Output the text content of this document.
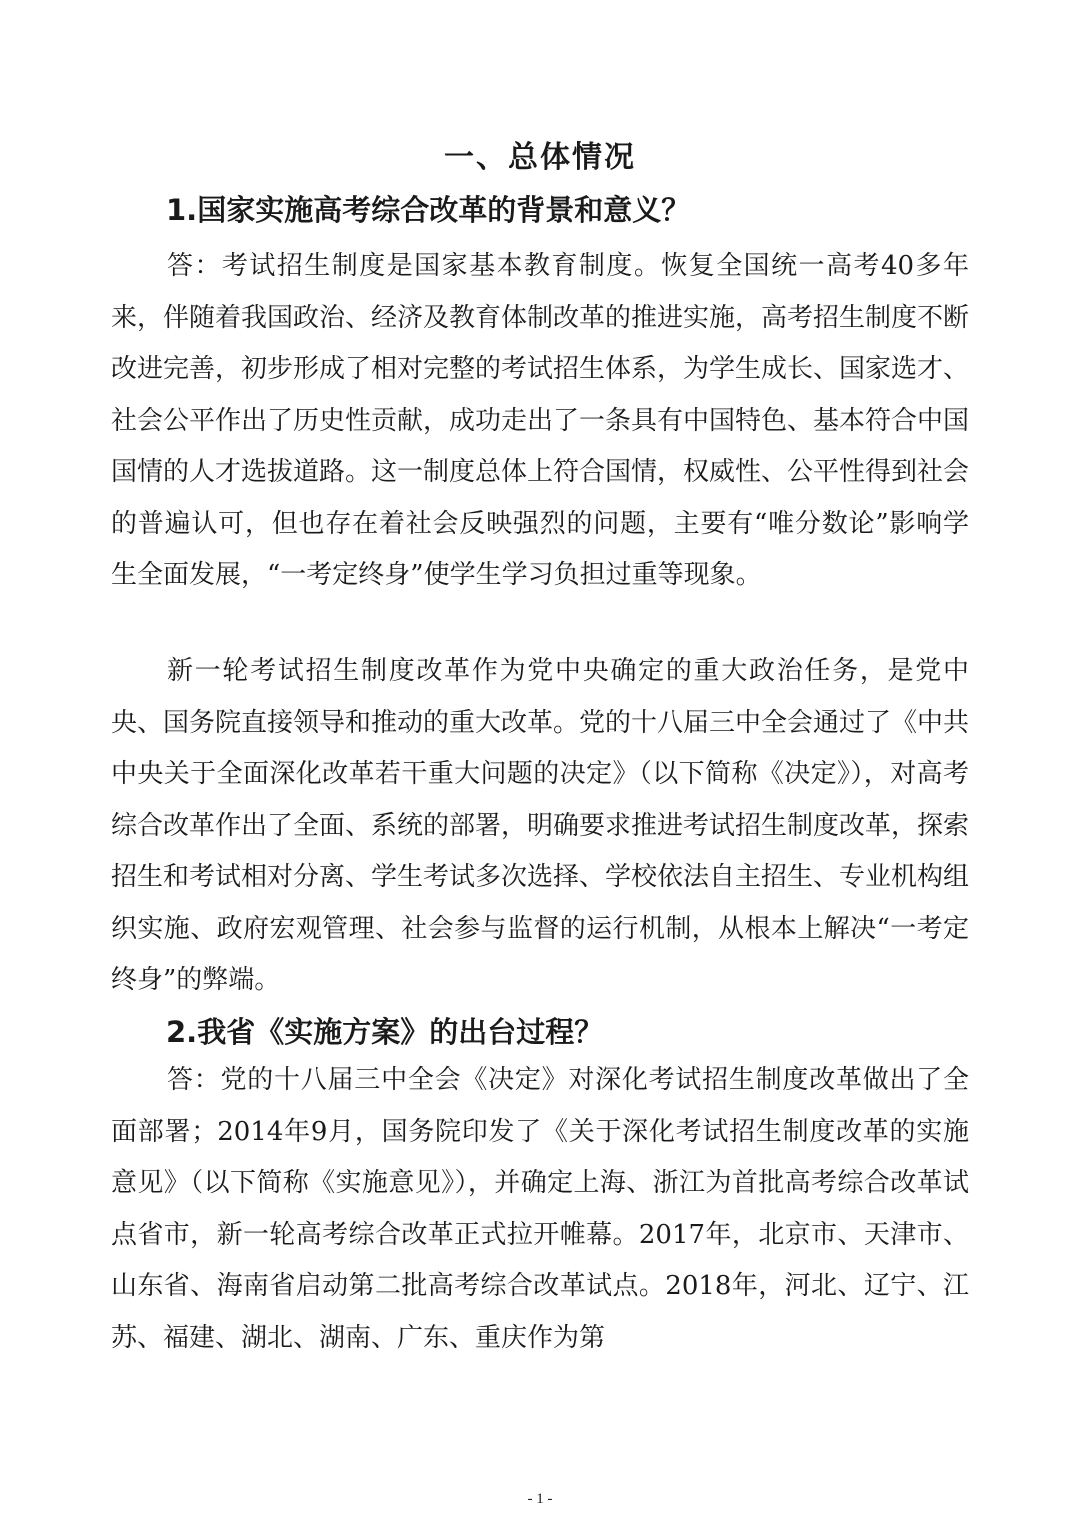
一、总体情况
1.国家实施高考综合改革的背景和意义？

答：考试招生制度是国家基本教育制度。恢复全国统一高考40多年来，伴随着我国政治、经济及教育体制改革的推进实施，高考招生制度不断改进完善，初步形成了相对完整的考试招生体系，为学生成长、国家选才、社会公平作出了历史性贡献，成功走出了一条具有中国特色、基本符合中国国情的人才选拔道路。这一制度总体上符合国情，权威性、公平性得到社会的普遍认可，但也存在着社会反映强烈的问题，主要有“唯分数论”影响学生全面发展，“一考定终身”使学生学习负担过重等现象。

新一轮考试招生制度改革作为党中央确定的重大政治任务，是党中央、国务院直接领导和推动的重大改革。党的十八届三中全会通过了《中共中央关于全面深化改革若干重大问题的决定》（以下简称《决定》），对高考综合改革作出了全面、系统的部署，明确要求推进考试招生制度改革，探索招生和考试相对分离、学生考试多次选择、学校依法自主招生、专业机构组织实施、政府宏观管理、社会参与监督的运行机制，从根本上解决“一考定终身”的弊端。

2.我省《实施方案》的出台过程？

答：党的十八届三中全会《决定》对深化考试招生制度改革做出了全面部署；2014年9月，国务院印发了《关于深化考试招生制度改革的实施意见》（以下简称《实施意见》），并确定上海、浙江为首批高考综合改革试点省市，新一轮高考综合改革正式拉开帷幕。2017年，北京市、天津市、山东省、海南省启动第二批高考综合改革试点。2018年，河北、辽宁、江苏、福建、湖北、湖南、广东、重庆作为第

- 1 -
